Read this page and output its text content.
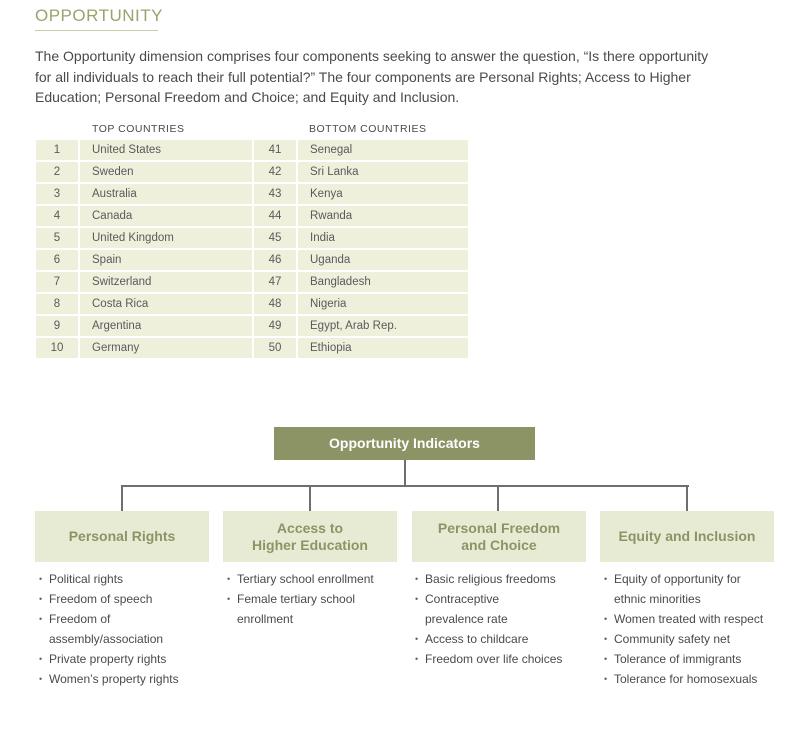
OPPORTUNITY
The Opportunity dimension comprises four components seeking to answer the question, “Is there opportunity for all individuals to reach their full potential?” The four components are Personal Rights; Access to Higher Education; Personal Freedom and Choice; and Equity and Inclusion.
TOP COUNTRIES	BOTTOM COUNTRIES
1	United States	41	Senegal
2	Sweden	42	Sri Lanka
3	Australia	43	Kenya
4	Canada	44	Rwanda
5	United Kingdom	45	India
6	Spain	46	Uganda
7	Switzerland	47	Bangladesh
8	Costa Rica	48	Nigeria
9	Argentina	49	Egypt, Arab Rep.
10	Germany	50	Ethiopia
Opportunity Indicators
Personal Rights
Access to
Higher Education
Personal Freedom
and Choice
Equity and Inclusion
• Political rights
• Freedom of speech
• Freedom of
assembly/association
• Private property rights
• Women’s property rights
• Tertiary school enrollment
• Female tertiary school
enrollment
• Basic religious freedoms
• Contraceptive
prevalence rate
• Access to childcare
• Freedom over life choices
• Equity of opportunity for
ethnic minorities
• Women treated with respect
• Community safety net
• Tolerance of immigrants
• Tolerance for homosexuals
